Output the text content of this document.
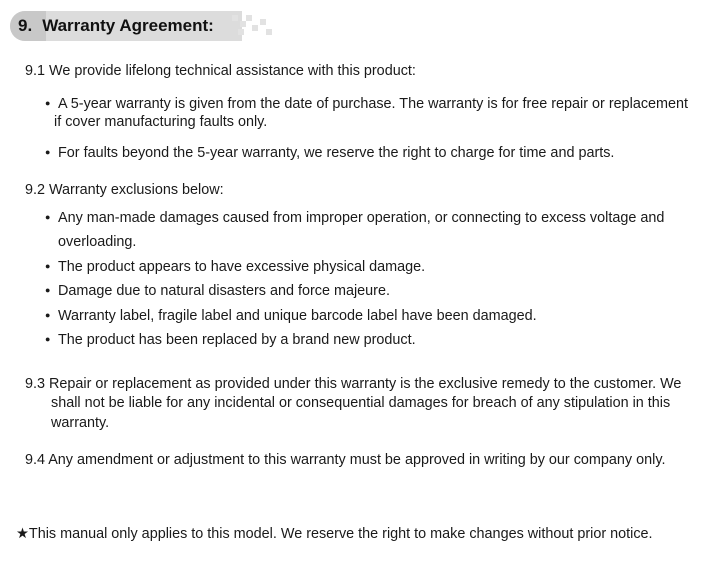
9. Warranty Agreement:
9.1 We provide lifelong technical assistance with this product:
● A 5-year warranty is given from the date of purchase. The warranty is for free repair or replacement
if cover manufacturing faults only.
● For faults beyond the 5-year warranty, we reserve the right to charge for time and parts.
9.2 Warranty exclusions below:
● Any man-made damages caused from improper operation, or connecting to excess voltage and
overloading.
● The product appears to have excessive physical damage.
● Damage due to natural disasters and force majeure.
● Warranty label, fragile label and unique barcode label have been damaged.
● The product has been replaced by a brand new product.
9.3 Repair or replacement as provided under this warranty is the exclusive remedy to the customer. We
shall not be liable for any incidental or consequential damages for breach of any stipulation in this
warranty.
9.4 Any amendment or adjustment to this warranty must be approved in writing by our company only.
★This manual only applies to this model. We reserve the right to make changes without prior notice.
